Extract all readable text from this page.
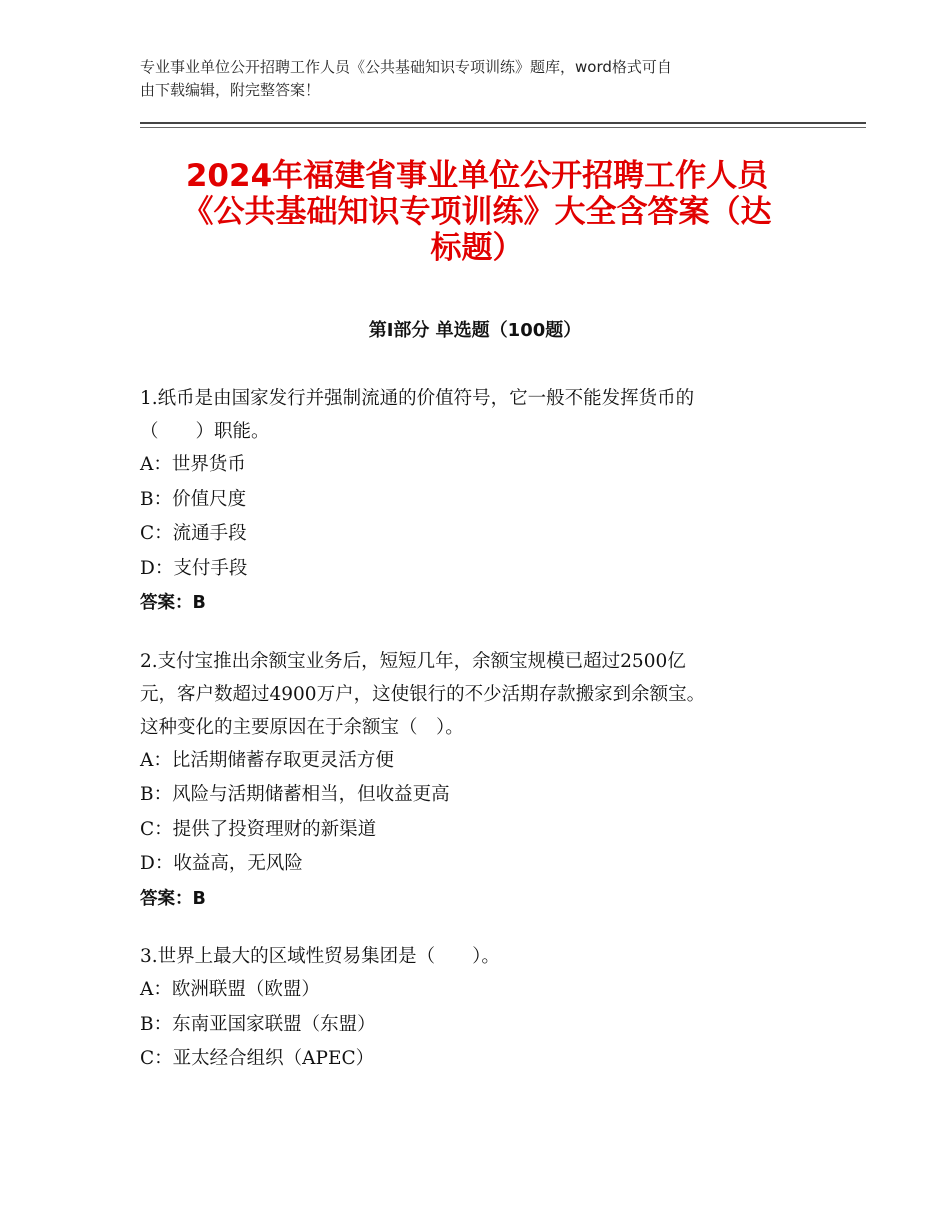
专业事业单位公开招聘工作人员《公共基础知识专项训练》题库，word格式可自
由下载编辑，附完整答案！
2024年福建省事业单位公开招聘工作人员
《公共基础知识专项训练》大全含答案（达
标题）
第Ⅰ部分 单选题（100题）

1.纸币是由国家发行并强制流通的价值符号，它一般不能发挥货币的

（　　）职能。

A：世界货币

B：价值尺度

C：流通手段

D：支付手段

答案：B

2.支付宝推出余额宝业务后，短短几年，余额宝规模已超过2500亿

元，客户数超过4900万户，这使银行的不少活期存款搬家到余额宝。

这种变化的主要原因在于余额宝（　）。

A：比活期储蓄存取更灵活方便

B：风险与活期储蓄相当，但收益更高

C：提供了投资理财的新渠道

D：收益高，无风险

答案：B

3.世界上最大的区域性贸易集团是（　　）。

A：欧洲联盟（欧盟）

B：东南亚国家联盟（东盟）

C：亚太经合组织（APEC）
